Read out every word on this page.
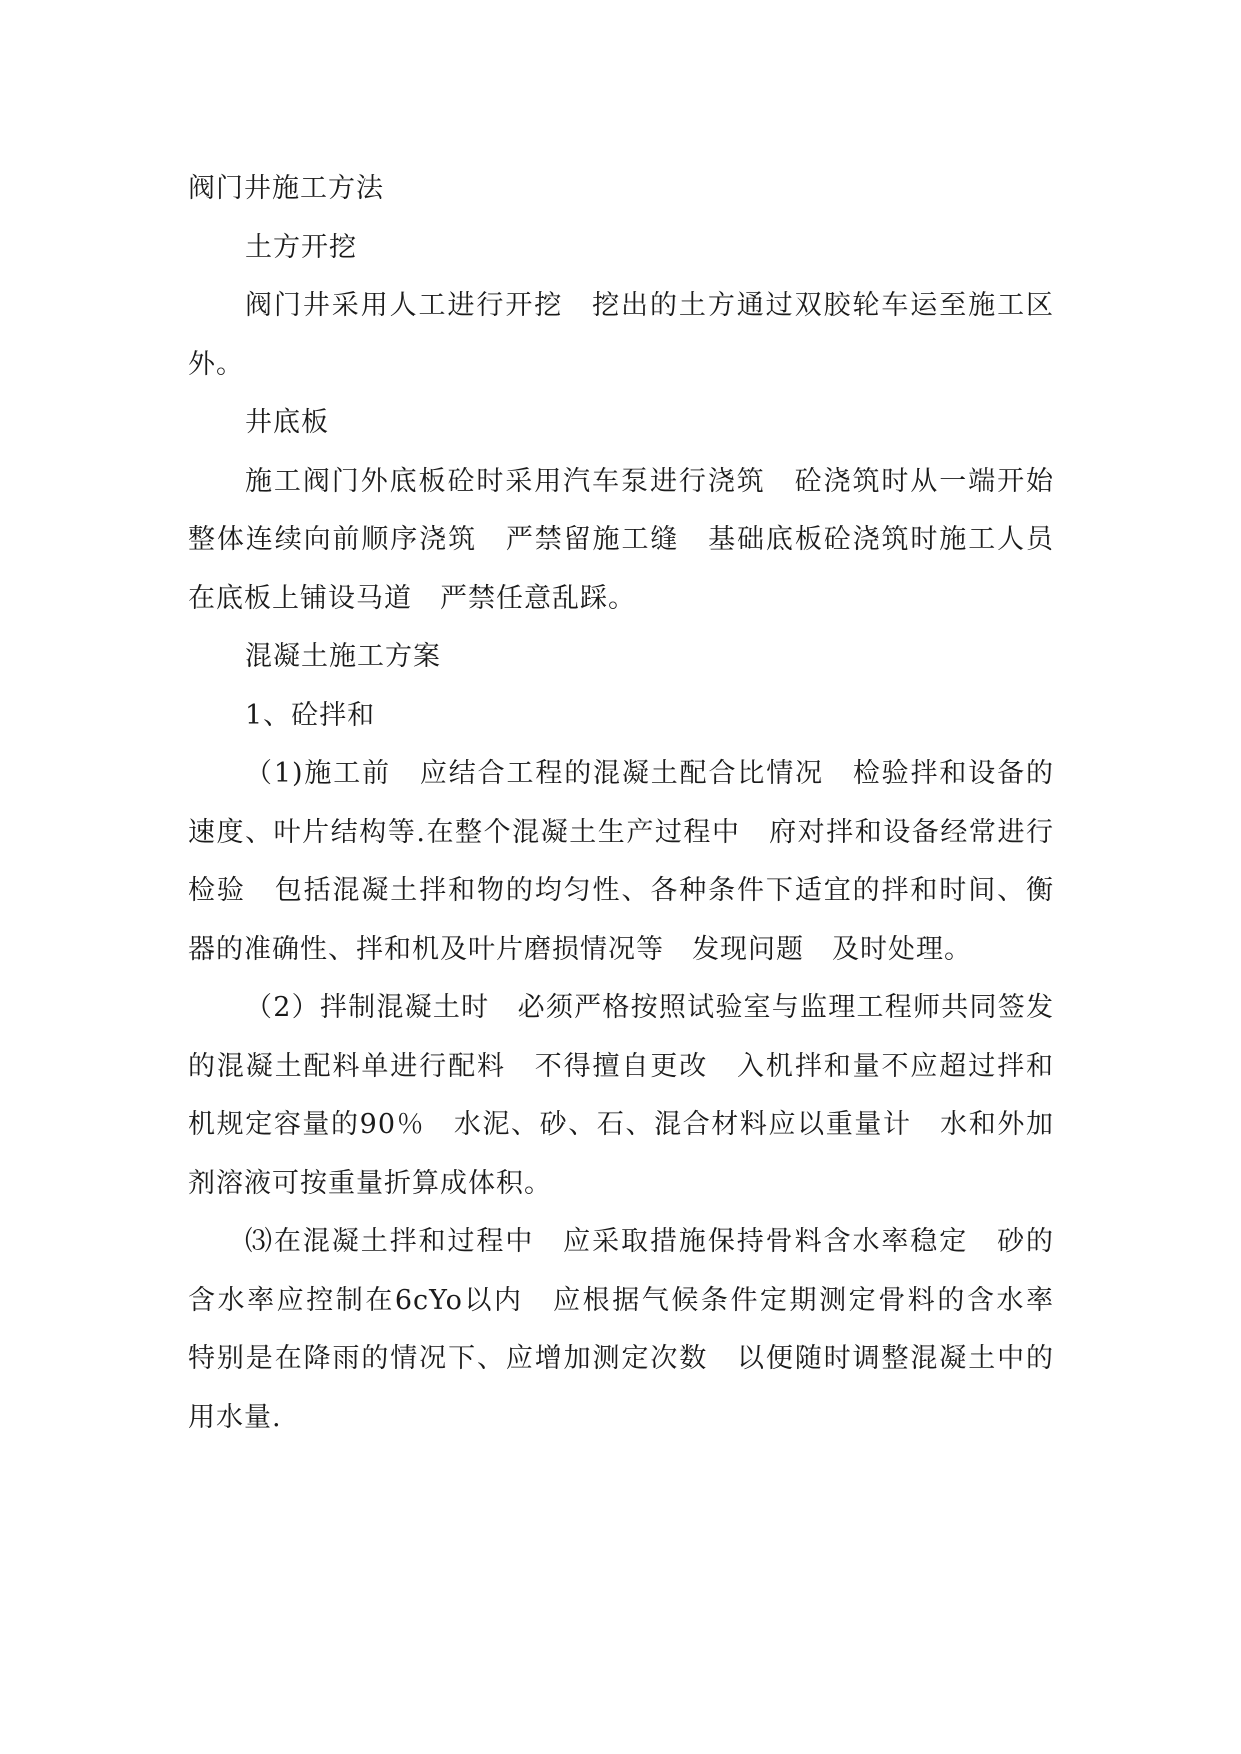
阀门井施工方法

土方开挖

阀门井采用人工进行开挖　挖出的土方通过双胶轮车运至施工区外。

井底板

施工阀门外底板砼时采用汽车泵进行浇筑　砼浇筑时从一端开始　整体连续向前顺序浇筑　严禁留施工缝　基础底板砼浇筑时施工人员在底板上铺设马道　严禁任意乱踩。

混凝土施工方案

1、砼拌和

（1)施工前　应结合工程的混凝土配合比情况　检验拌和设备的速度、叶片结构等.在整个混凝土生产过程中　府对拌和设备经常进行检验　包括混凝土拌和物的均匀性、各种条件下适宜的拌和时间、衡器的准确性、拌和机及叶片磨损情况等　发现问题　及时处理。

（2）拌制混凝土时　必须严格按照试验室与监理工程师共同签发的混凝土配料单进行配料　不得擅自更改　入机拌和量不应超过拌和机规定容量的90％　水泥、砂、石、混合材料应以重量计　水和外加剂溶液可按重量折算成体积。

⑶在混凝土拌和过程中　应采取措施保持骨料含水率稳定　砂的含水率应控制在6cYo以内　应根据气候条件定期测定骨料的含水率　特别是在降雨的情况下、应增加测定次数　以便随时调整混凝土中的用水量.
